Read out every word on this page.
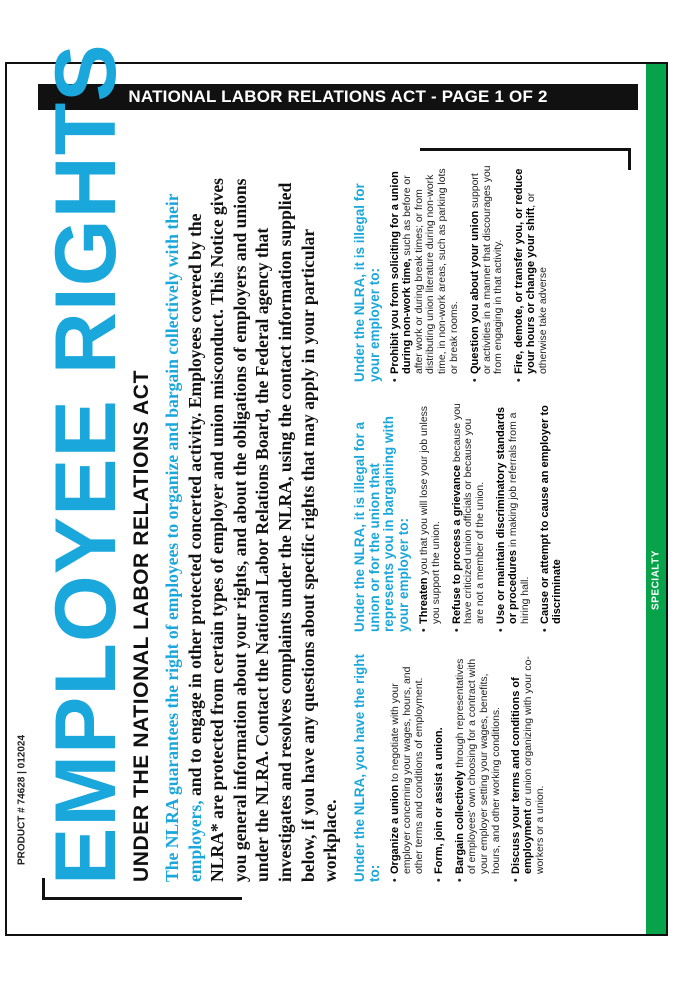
NATIONAL LABOR RELATIONS ACT - PAGE 1 OF 2
SPECIALTY
PRODUCT # 74628 | 012024 EMPLOYEE RIGHTS
UNDER THE NATIONAL LABOR RELATIONS ACT The NLRA guarantees the right of employees to organize and bargain collectively with their employers, and to engage in other protected concerted activity. Employees covered by the NLRA* are protected from certain types of employer and union misconduct. This Notice gives you general information about your rights, and about the obligations of employers and unions under the NLRA. Contact the National Labor Relations Board, the Federal agency that investigates and resolves complaints under the NLRA, using the contact information supplied below, if you have any questions about specific rights that may apply in your particular workplace. Under the NLRA, you have the right to: • Organize a union to negotiate with your employer concerning your wages, hours, and other terms and conditions of employment. • Form, join or assist a union. • Bargain collectively through representatives of employees' own choosing for a contract with your employer setting your wages, benefits, hours, and other working conditions. • Discuss your terms and conditions of employment or union organizing with your co-workers or a union.
Under the NLRA, it is illegal for a union or for the union that represents you in bargaining with your employer to: • Threaten you that you will lose your job unless you support the union. • Refuse to process a grievance because you have criticized union officials or because you are not a member of the union. • Use or maintain discriminatory standards or procedures in making job referrals from a hiring hall. • Cause or attempt to cause an employer to discriminate
Under the NLRA, it is illegal for your employer to: • Prohibit you from soliciting for a union during non-work time, such as before or after work or during break times; or from distributing union literature during non-work time, in non-work areas, such as parking lots or break rooms. • Question you about your union support or activities in a manner that discourages you from engaging in that activity. • Fire, demote, or transfer you, or reduce your hours or change your shift, or otherwise take adverse
